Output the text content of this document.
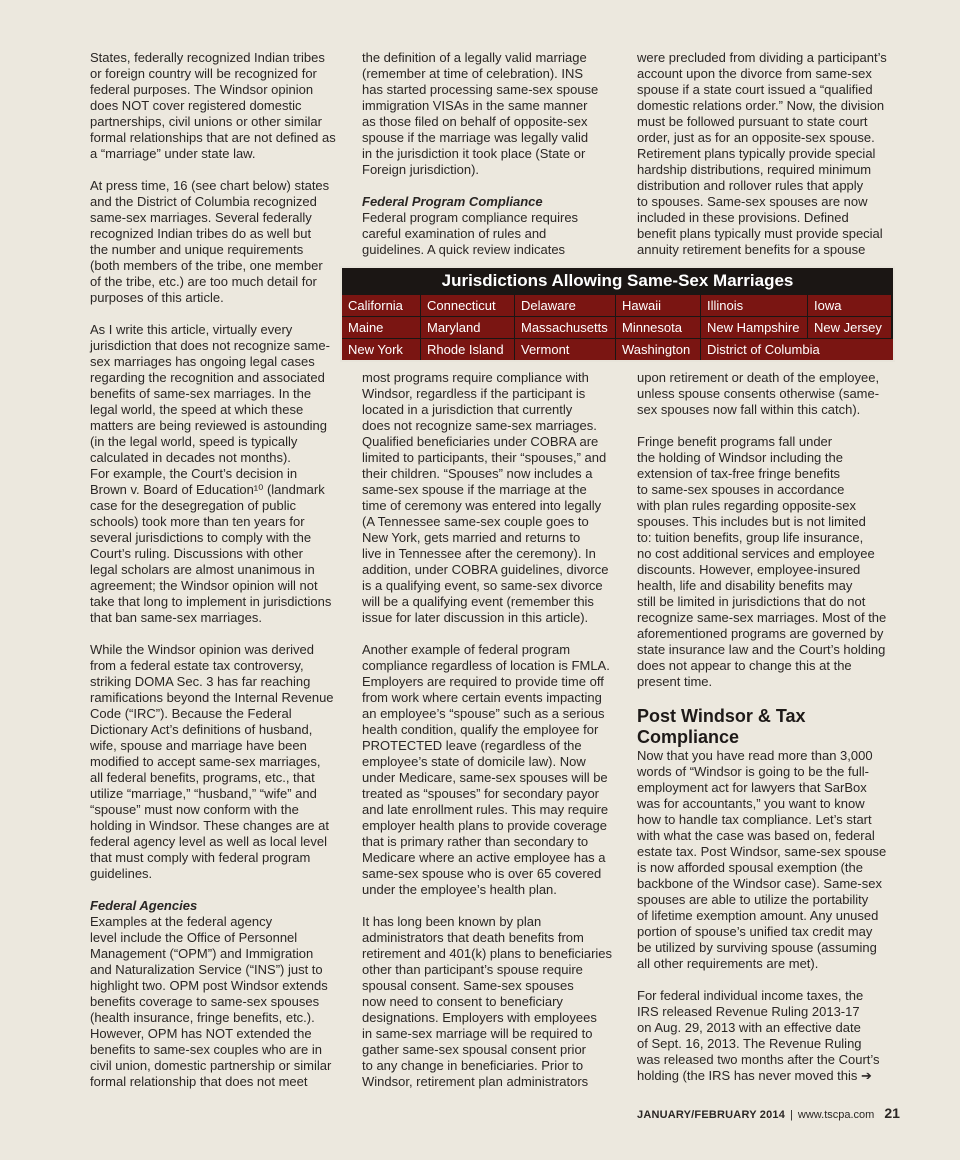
States, federally recognized Indian tribes
or foreign country will be recognized for
federal purposes. The Windsor opinion
does NOT cover registered domestic
partnerships, civil unions or other similar
formal relationships that are not defined as
a “marriage” under state law.

At press time, 16 (see chart below) states
and the District of Columbia recognized
same-sex marriages. Several federally
recognized Indian tribes do as well but
the number and unique requirements
(both members of the tribe, one member
of the tribe, etc.) are too much detail for
purposes of this article.

As I write this article, virtually every
jurisdiction that does not recognize same-
sex marriages has ongoing legal cases
regarding the recognition and associated
benefits of same-sex marriages. In the
legal world, the speed at which these
matters are being reviewed is astounding
(in the legal world, speed is typically
calculated in decades not months).
For example, the Court’s decision in
Brown v. Board of Education¹⁰ (landmark
case for the desegregation of public
schools) took more than ten years for
several jurisdictions to comply with the
Court’s ruling. Discussions with other
legal scholars are almost unanimous in
agreement; the Windsor opinion will not
take that long to implement in jurisdictions
that ban same-sex marriages.

While the Windsor opinion was derived
from a federal estate tax controversy,
striking DOMA Sec. 3 has far reaching
ramifications beyond the Internal Revenue
Code (“IRC”). Because the Federal
Dictionary Act’s definitions of husband,
wife, spouse and marriage have been
modified to accept same-sex marriages,
all federal benefits, programs, etc., that
utilize “marriage,” “husband,” “wife” and
“spouse” must now conform with the
holding in Windsor. These changes are at
federal agency level as well as local level
that must comply with federal program
guidelines.

Federal Agencies

Examples at the federal agency
level include the Office of Personnel
Management (“OPM”) and Immigration
and Naturalization Service (“INS”) just to
highlight two. OPM post Windsor extends
benefits coverage to same-sex spouses
(health insurance, fringe benefits, etc.).
However, OPM has NOT extended the
benefits to same-sex couples who are in
civil union, domestic partnership or similar
formal relationship that does not meet

the definition of a legally valid marriage
(remember at time of celebration). INS
has started processing same-sex spouse
immigration VISAs in the same manner
as those filed on behalf of opposite-sex
spouse if the marriage was legally valid
in the jurisdiction it took place (State or
Foreign jurisdiction).

Federal Program Compliance

Federal program compliance requires
careful examination of rules and
guidelines. A quick review indicates

were precluded from dividing a participant’s
account upon the divorce from same-sex
spouse if a state court issued a “qualified
domestic relations order.” Now, the division
must be followed pursuant to state court
order, just as for an opposite-sex spouse.
Retirement plans typically provide special
hardship distributions, required minimum
distribution and rollover rules that apply
to spouses. Same-sex spouses are now
included in these provisions. Defined
benefit plans typically must provide special
annuity retirement benefits for a spouse

Jurisdictions Allowing Same-Sex Marriages
California	Connecticut	Delaware	Hawaii	Illinois	Iowa
Maine	Maryland	Massachusetts	Minnesota	New Hampshire	New Jersey
New York	Rhode Island	Vermont	Washington	District of Columbia

most programs require compliance with
Windsor, regardless if the participant is
located in a jurisdiction that currently
does not recognize same-sex marriages.
Qualified beneficiaries under COBRA are
limited to participants, their “spouses,” and
their children. “Spouses” now includes a
same-sex spouse if the marriage at the
time of ceremony was entered into legally
(A Tennessee same-sex couple goes to
New York, gets married and returns to
live in Tennessee after the ceremony). In
addition, under COBRA guidelines, divorce
is a qualifying event, so same-sex divorce
will be a qualifying event (remember this
issue for later discussion in this article).

Another example of federal program
compliance regardless of location is FMLA.
Employers are required to provide time off
from work where certain events impacting
an employee’s “spouse” such as a serious
health condition, qualify the employee for
PROTECTED leave (regardless of the
employee’s state of domicile law). Now
under Medicare, same-sex spouses will be
treated as “spouses” for secondary payor
and late enrollment rules. This may require
employer health plans to provide coverage
that is primary rather than secondary to
Medicare where an active employee has a
same-sex spouse who is over 65 covered
under the employee’s health plan.

It has long been known by plan
administrators that death benefits from
retirement and 401(k) plans to beneficiaries
other than participant’s spouse require
spousal consent. Same-sex spouses
now need to consent to beneficiary
designations. Employers with employees
in same-sex marriage will be required to
gather same-sex spousal consent prior
to any change in beneficiaries. Prior to
Windsor, retirement plan administrators

upon retirement or death of the employee,
unless spouse consents otherwise (same-
sex spouses now fall within this catch).

Fringe benefit programs fall under
the holding of Windsor including the
extension of tax-free fringe benefits
to same-sex spouses in accordance
with plan rules regarding opposite-sex
spouses. This includes but is not limited
to: tuition benefits, group life insurance,
no cost additional services and employee
discounts. However, employee-insured
health, life and disability benefits may
still be limited in jurisdictions that do not
recognize same-sex marriages. Most of the
aforementioned programs are governed by
state insurance law and the Court’s holding
does not appear to change this at the
present time.

Post Windsor & Tax
Compliance

Now that you have read more than 3,000
words of “Windsor is going to be the full-
employment act for lawyers that SarBox
was for accountants,” you want to know
how to handle tax compliance. Let’s start
with what the case was based on, federal
estate tax. Post Windsor, same-sex spouse
is now afforded spousal exemption (the
backbone of the Windsor case). Same-sex
spouses are able to utilize the portability
of lifetime exemption amount. Any unused
portion of spouse’s unified tax credit may
be utilized by surviving spouse (assuming
all other requirements are met).

For federal individual income taxes, the
IRS released Revenue Ruling 2013-17
on Aug. 29, 2013 with an effective date
of Sept. 16, 2013. The Revenue Ruling
was released two months after the Court’s
holding (the IRS has never moved this ➔

JANUARY/FEBRUARY 2014 | www.tscpa.com 21
